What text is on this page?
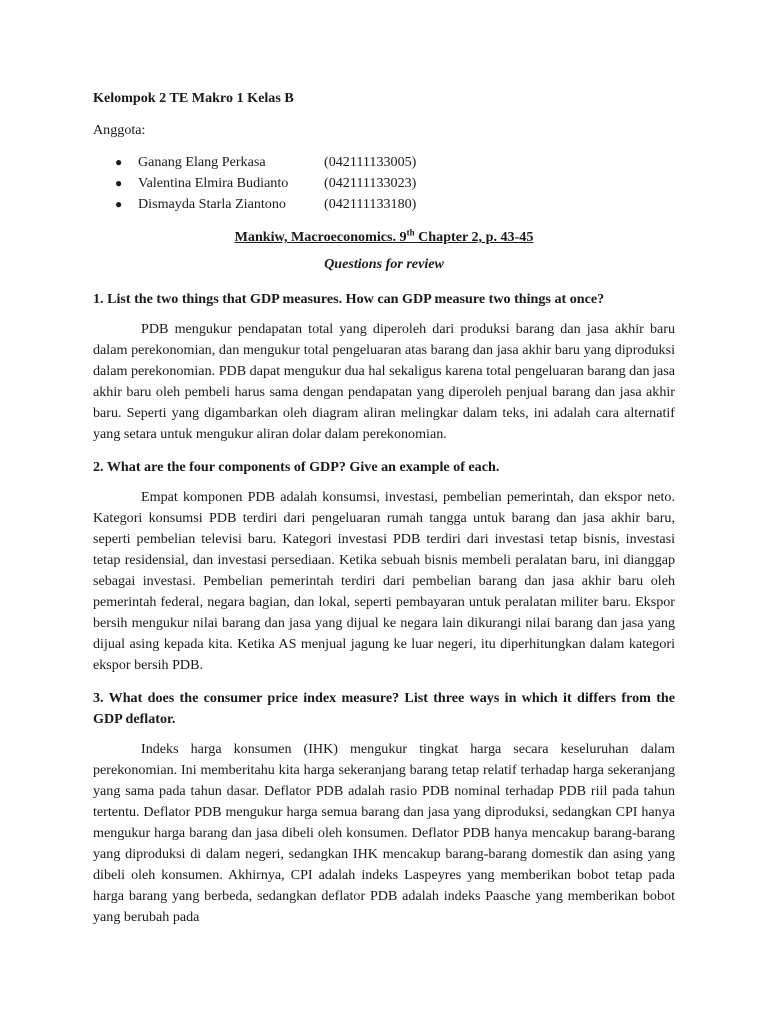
Kelompok 2 TE Makro 1 Kelas B
Anggota:
● Ganang Elang Perkasa	(042111133005)
● Valentina Elmira Budianto	(042111133023)
● Dismayda Starla Ziantono	(042111133180)
Mankiw, Macroeconomics. 9th Chapter 2, p. 43-45
Questions for review
1. List the two things that GDP measures. How can GDP measure two things at once?
PDB mengukur pendapatan total yang diperoleh dari produksi barang dan jasa akhir baru dalam perekonomian, dan mengukur total pengeluaran atas barang dan jasa akhir baru yang diproduksi dalam perekonomian. PDB dapat mengukur dua hal sekaligus karena total pengeluaran barang dan jasa akhir baru oleh pembeli harus sama dengan pendapatan yang diperoleh penjual barang dan jasa akhir baru. Seperti yang digambarkan oleh diagram aliran melingkar dalam teks, ini adalah cara alternatif yang setara untuk mengukur aliran dolar dalam perekonomian.
2. What are the four components of GDP? Give an example of each.
Empat komponen PDB adalah konsumsi, investasi, pembelian pemerintah, dan ekspor neto. Kategori konsumsi PDB terdiri dari pengeluaran rumah tangga untuk barang dan jasa akhir baru, seperti pembelian televisi baru. Kategori investasi PDB terdiri dari investasi tetap bisnis, investasi tetap residensial, dan investasi persediaan. Ketika sebuah bisnis membeli peralatan baru, ini dianggap sebagai investasi. Pembelian pemerintah terdiri dari pembelian barang dan jasa akhir baru oleh pemerintah federal, negara bagian, dan lokal, seperti pembayaran untuk peralatan militer baru. Ekspor bersih mengukur nilai barang dan jasa yang dijual ke negara lain dikurangi nilai barang dan jasa yang dijual asing kepada kita. Ketika AS menjual jagung ke luar negeri, itu diperhitungkan dalam kategori ekspor bersih PDB.
3. What does the consumer price index measure? List three ways in which it differs from the GDP deflator.
Indeks harga konsumen (IHK) mengukur tingkat harga secara keseluruhan dalam perekonomian. Ini memberitahu kita harga sekeranjang barang tetap relatif terhadap harga sekeranjang yang sama pada tahun dasar. Deflator PDB adalah rasio PDB nominal terhadap PDB riil pada tahun tertentu. Deflator PDB mengukur harga semua barang dan jasa yang diproduksi, sedangkan CPI hanya mengukur harga barang dan jasa dibeli oleh konsumen. Deflator PDB hanya mencakup barang-barang yang diproduksi di dalam negeri, sedangkan IHK mencakup barang-barang domestik dan asing yang dibeli oleh konsumen. Akhirnya, CPI adalah indeks Laspeyres yang memberikan bobot tetap pada harga barang yang berbeda, sedangkan deflator PDB adalah indeks Paasche yang memberikan bobot yang berubah pada
